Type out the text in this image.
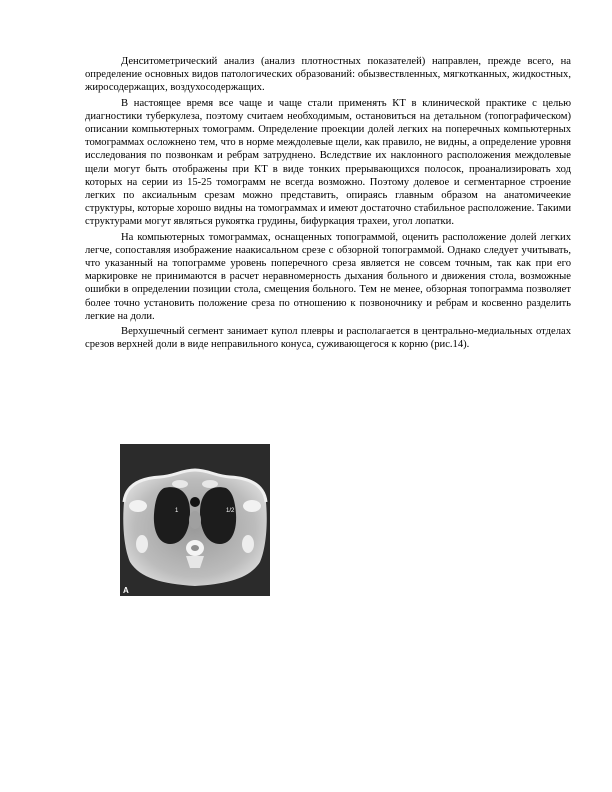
Денситометрический анализ (анализ плотностных показателей) направлен, прежде всего, на определение основных видов патологических образований: обызвествленных, мягкотканных, жидкостных, жиросодержащих, воздухосодержащих.

В настоящее время все чаще и чаще стали применять КТ в клинической практике с целью диагностики туберкулеза, поэтому считаем необходимым, остановиться на детальном (топографическом) описании компьютерных томограмм. Определение проекции долей легких на поперечных компьютерных томограммах осложнено тем, что в норме междолевые щели, как правило, не видны, а определение уровня исследования по позвонкам и ребрам затруднено. Вследствие их наклонного расположения междолевые щели могут быть отображены при КТ в виде тонких прерывающихся полосок, проанализировать ход которых на серии из 15-25 томограмм не всегда возможно. Поэтому долевое и сегментарное строение легких по аксиальным срезам можно представить, опираясь главным образом на анатомичеекие структуры, которые хорошо видны на томограммах и имеют достаточно стабильное расположение. Такими структурами могут являться рукоятка грудины, бифуркация трахеи, угол лопатки.

На компьютерных томограммах, оснащенных топограммой, оценить расположение долей легких легче, сопоставляя изображение наакисальном срезе с обзорной топограммой. Однако следует учитывать, что указанный на топограмме уровень поперечного среза является не совсем точным, так как при его маркировке не принимаются в расчет неравномерность дыхания больного и движения стола, возможные ошибки в определении позиции стола, смещения больного. Тем не менее, обзорная топограмма позволяет более точно установить положение среза по отношению к позвоночнику и ребрам и косвенно разделить легкие на доли.

Верхушечный сегмент занимает купол плевры и располагается в центрально-медиальных отделах срезов верхней доли в виде неправильного конуса, суживающегося к корню (рис.14).

1	1/2
A
